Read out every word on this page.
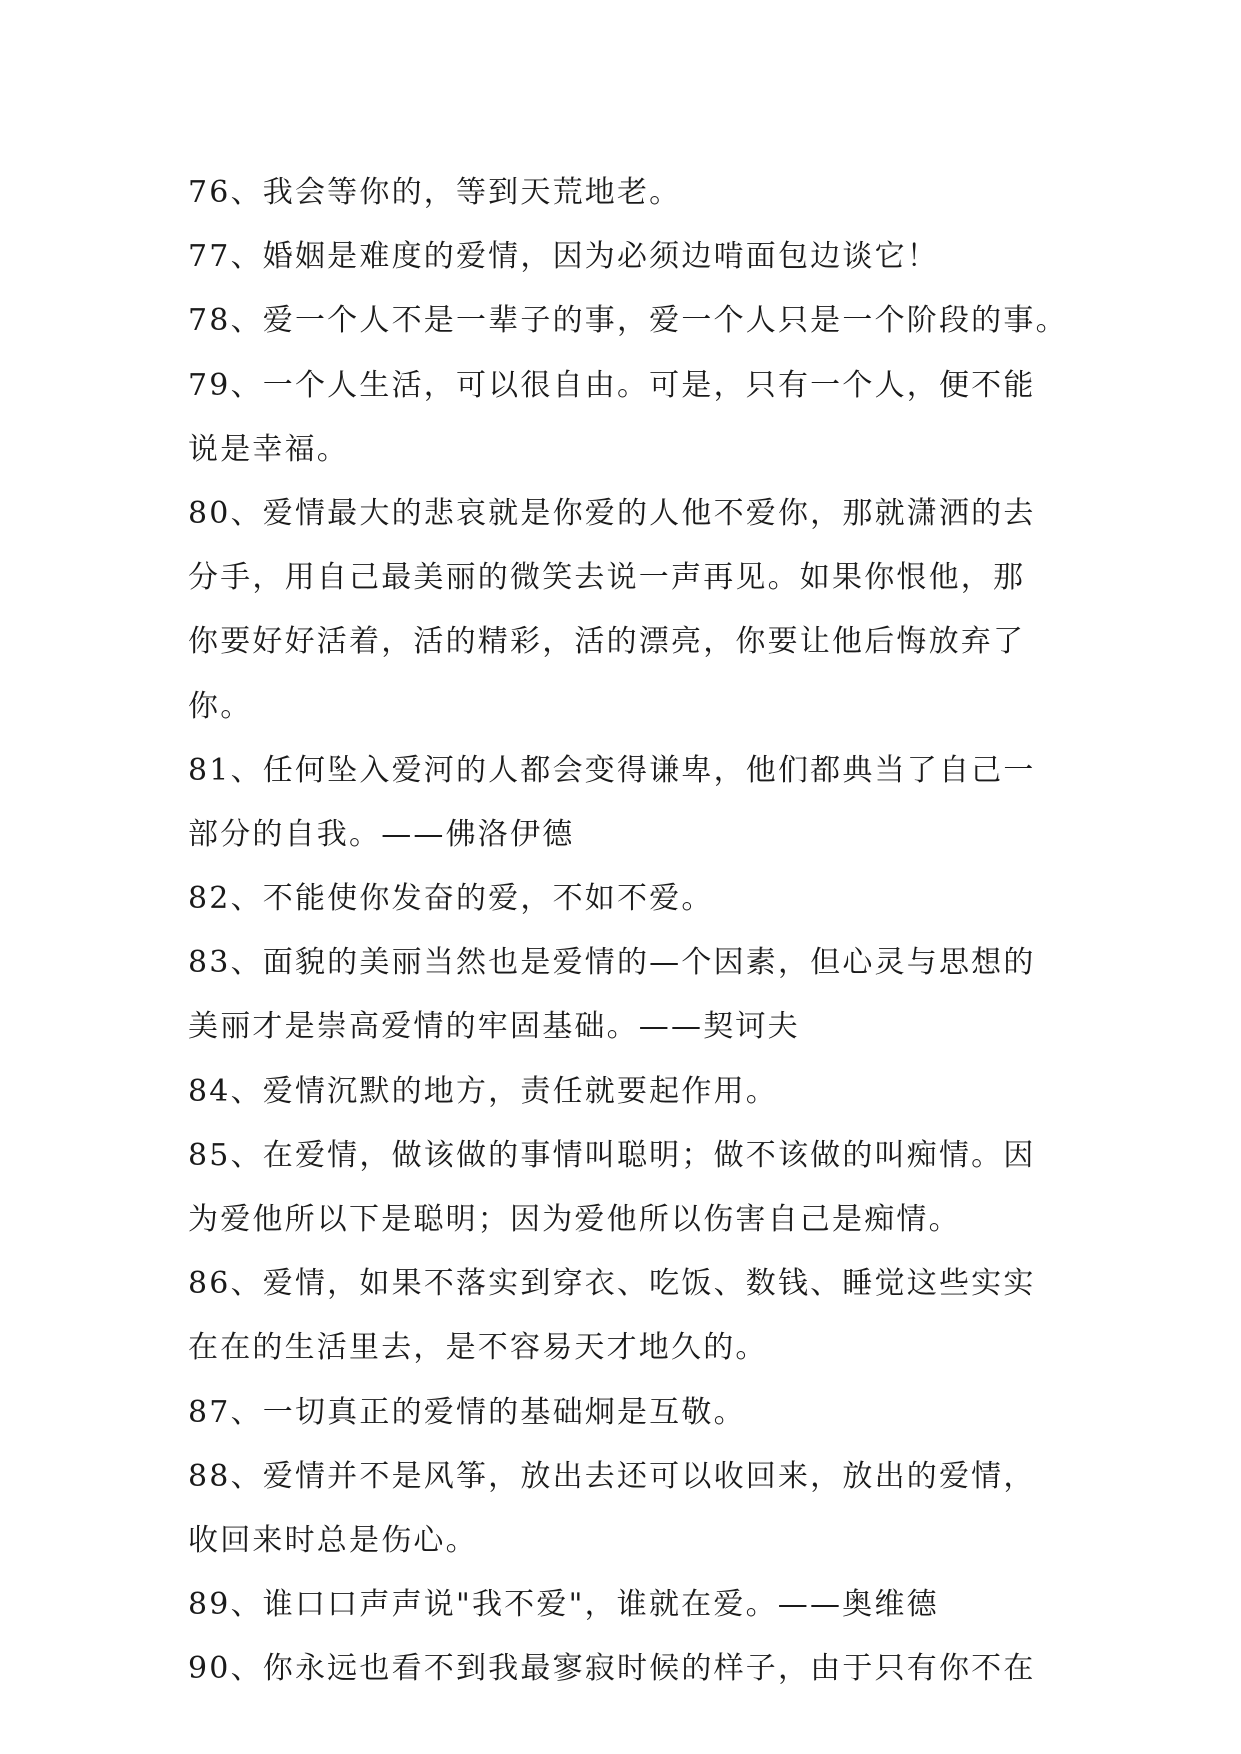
76、我会等你的，等到天荒地老。
77、婚姻是难度的爱情，因为必须边啃面包边谈它！
78、爱一个人不是一辈子的事，爱一个人只是一个阶段的事。
79、一个人生活，可以很自由。可是，只有一个人，便不能
说是幸福。
80、爱情最大的悲哀就是你爱的人他不爱你，那就潇洒的去
分手，用自己最美丽的微笑去说一声再见。如果你恨他，那
你要好好活着，活的精彩，活的漂亮，你要让他后悔放弃了
你。
81、任何坠入爱河的人都会变得谦卑，他们都典当了自己一
部分的自我。——佛洛伊德
82、不能使你发奋的爱，不如不爱。
83、面貌的美丽当然也是爱情的—个因素，但心灵与思想的
美丽才是崇高爱情的牢固基础。——契诃夫
84、爱情沉默的地方，责任就要起作用。
85、在爱情，做该做的事情叫聪明；做不该做的叫痴情。因
为爱他所以下是聪明；因为爱他所以伤害自己是痴情。
86、爱情，如果不落实到穿衣、吃饭、数钱、睡觉这些实实
在在的生活里去，是不容易天才地久的。
87、一切真正的爱情的基础炯是互敬。
88、爱情并不是风筝，放出去还可以收回来，放出的爱情，
收回来时总是伤心。
89、谁口口声声说"我不爱"，谁就在爱。——奥维德
90、你永远也看不到我最寥寂时候的样子，由于只有你不在
